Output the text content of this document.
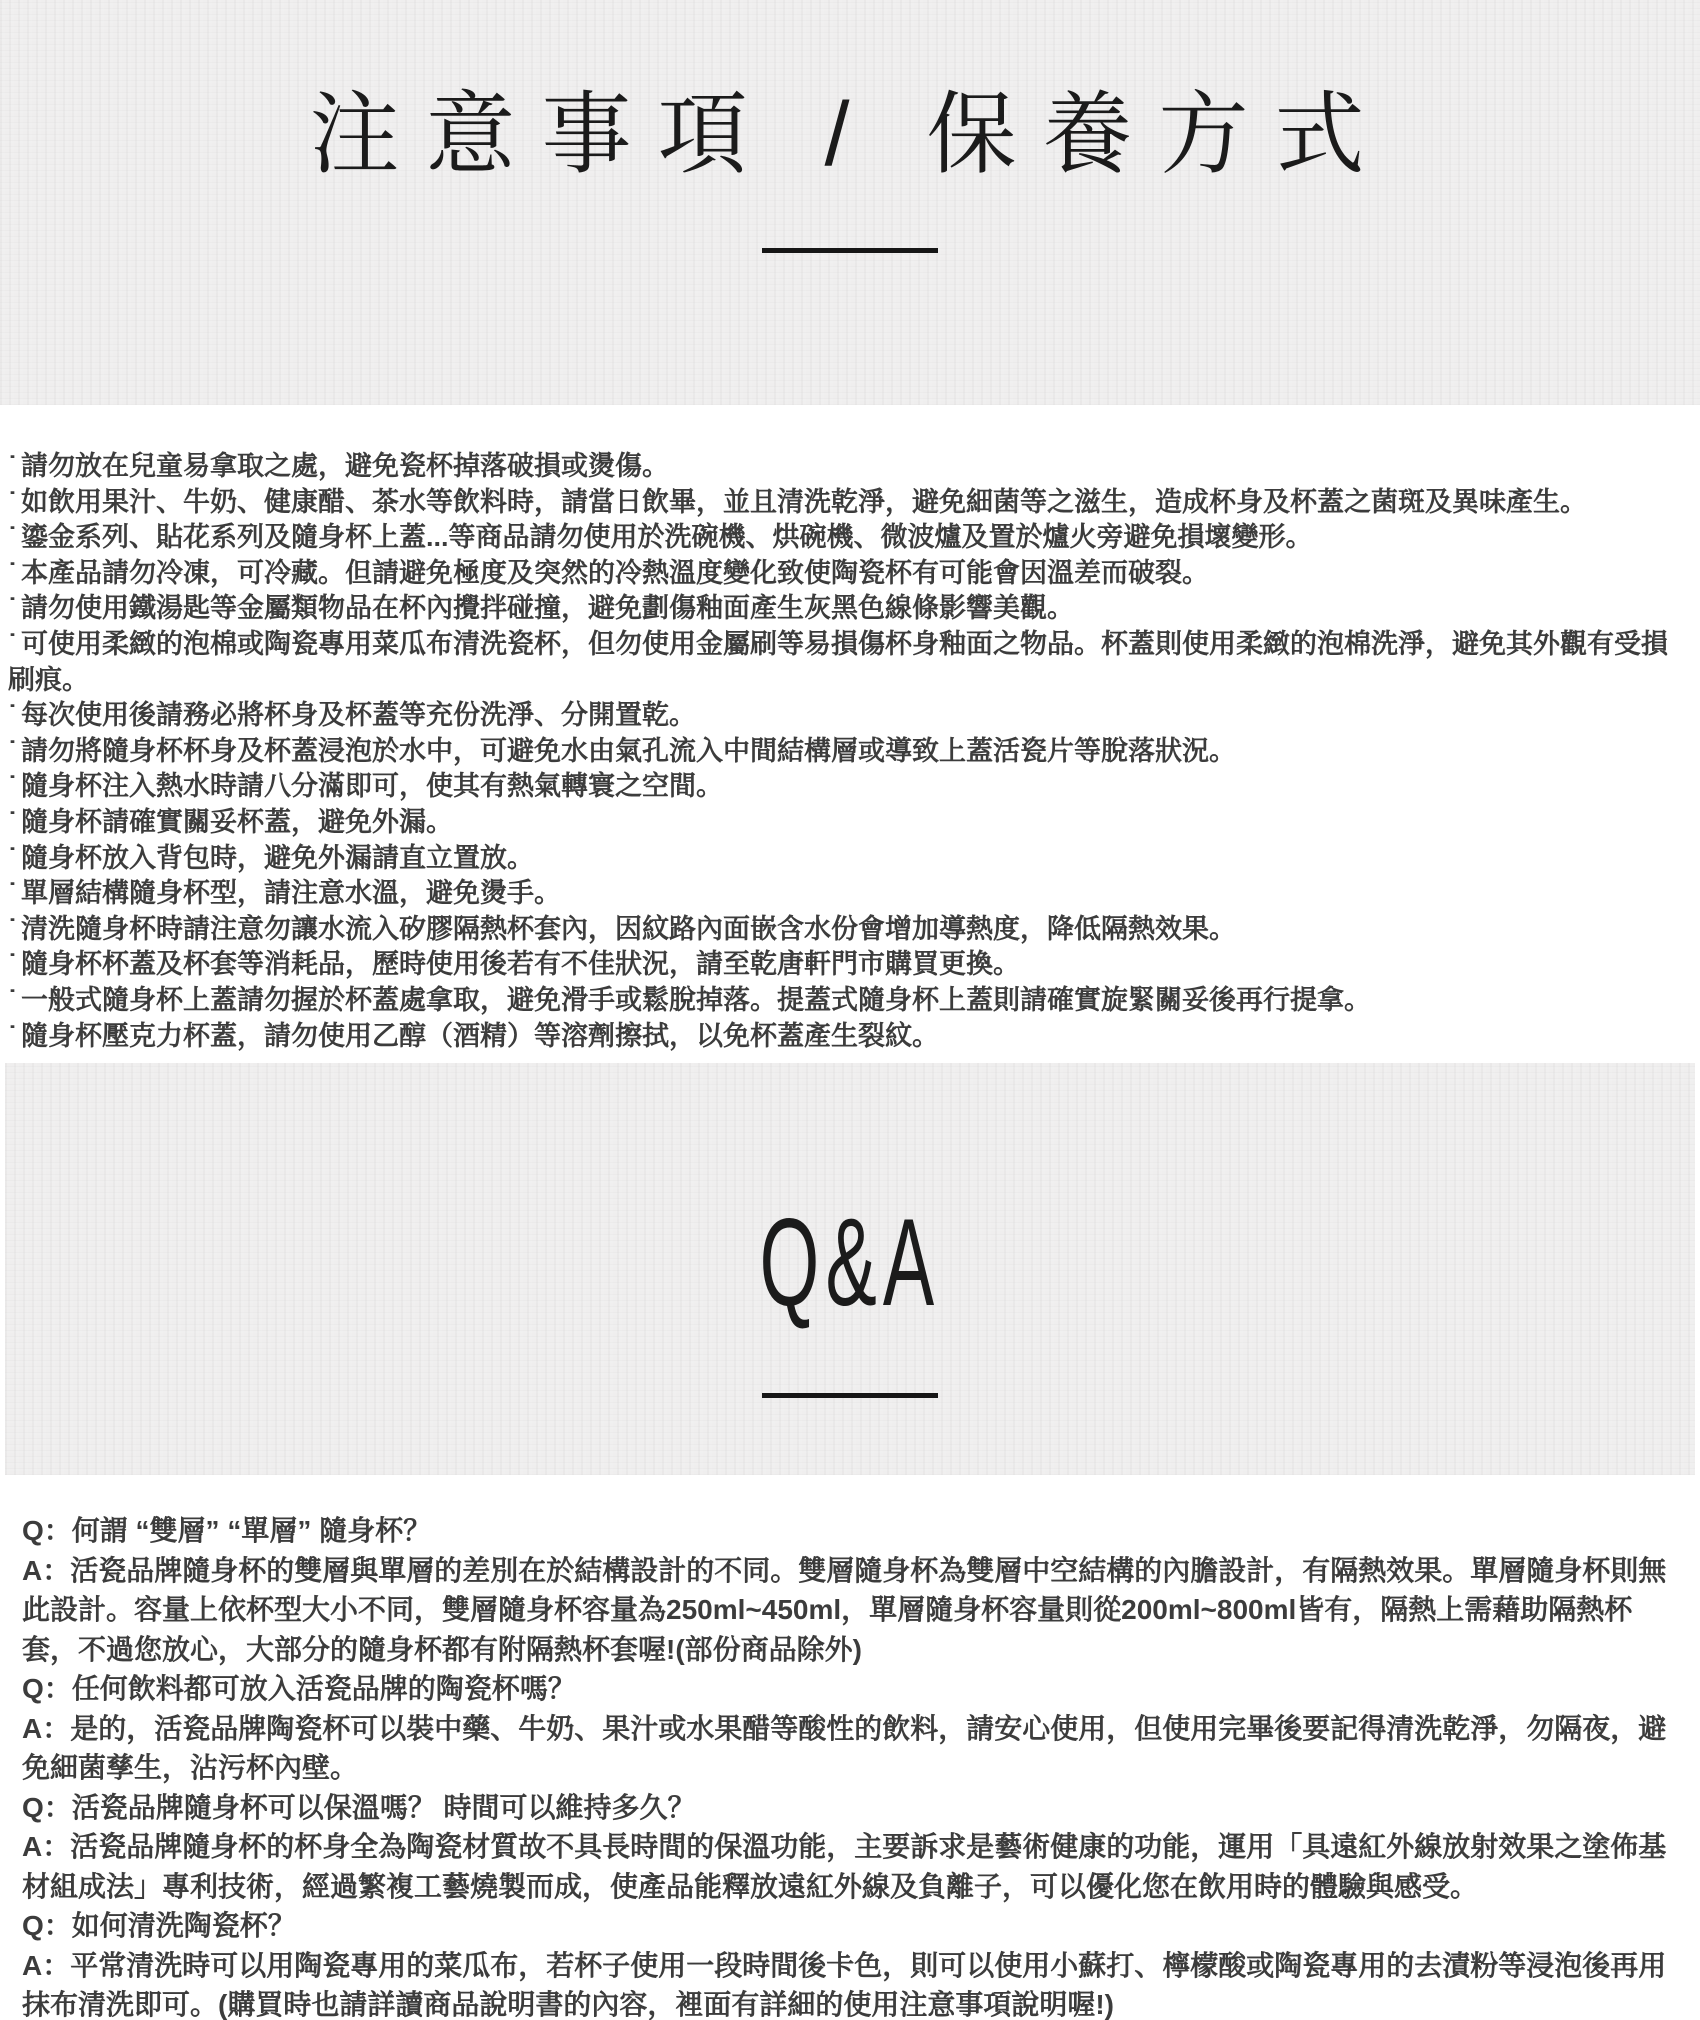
注意事項 / 保養方式

˙ 請勿放在兒童易拿取之處，避免瓷杯掉落破損或燙傷。

˙ 如飲用果汁、牛奶、健康醋、茶水等飲料時，請當日飲畢，並且清洗乾淨，避免細菌等之滋生，造成杯身及杯蓋之菌斑及異味產生。

˙ 鎏金系列、貼花系列及隨身杯上蓋...等商品請勿使用於洗碗機、烘碗機、微波爐及置於爐火旁避免損壞變形。

˙ 本產品請勿冷凍，可冷藏。但請避免極度及突然的冷熱溫度變化致使陶瓷杯有可能會因溫差而破裂。

˙ 請勿使用鐵湯匙等金屬類物品在杯內攪拌碰撞，避免劃傷釉面產生灰黑色線條影響美觀。

˙ 可使用柔緻的泡棉或陶瓷專用菜瓜布清洗瓷杯，但勿使用金屬刷等易損傷杯身釉面之物品。杯蓋則使用柔緻的泡棉洗淨，避免其外觀有受損刷痕。

˙ 每次使用後請務必將杯身及杯蓋等充份洗淨、分開置乾。

˙ 請勿將隨身杯杯身及杯蓋浸泡於水中，可避免水由氣孔流入中間結構層或導致上蓋活瓷片等脫落狀況。

˙ 隨身杯注入熱水時請八分滿即可，使其有熱氣轉寰之空間。

˙ 隨身杯請確實關妥杯蓋，避免外漏。

˙ 隨身杯放入背包時，避免外漏請直立置放。

˙ 單層結構隨身杯型，請注意水溫，避免燙手。

˙ 清洗隨身杯時請注意勿讓水流入矽膠隔熱杯套內，因紋路內面嵌含水份會增加導熱度，降低隔熱效果。

˙ 隨身杯杯蓋及杯套等消耗品，歷時使用後若有不佳狀況，請至乾唐軒門市購買更換。

˙ 一般式隨身杯上蓋請勿握於杯蓋處拿取，避免滑手或鬆脫掉落。提蓋式隨身杯上蓋則請確實旋緊關妥後再行提拿。

˙ 隨身杯壓克力杯蓋，請勿使用乙醇（酒精）等溶劑擦拭，以免杯蓋產生裂紋。

Q&A

Q：何謂 “雙層” “單層” 隨身杯？

A：活瓷品牌隨身杯的雙層與單層的差別在於結構設計的不同。雙層隨身杯為雙層中空結構的內膽設計，有隔熱效果。單層隨身杯則無此設計。容量上依杯型大小不同，雙層隨身杯容量為250ml~450ml，單層隨身杯容量則從200ml~800ml皆有，隔熱上需藉助隔熱杯套，不過您放心，大部分的隨身杯都有附隔熱杯套喔!(部份商品除外)

Q：任何飲料都可放入活瓷品牌的陶瓷杯嗎？

A：是的，活瓷品牌陶瓷杯可以裝中藥、牛奶、果汁或水果醋等酸性的飲料，請安心使用，但使用完畢後要記得清洗乾淨，勿隔夜，避免細菌孳生，沾污杯內壁。

Q：活瓷品牌隨身杯可以保溫嗎？ 時間可以維持多久？

A：活瓷品牌隨身杯的杯身全為陶瓷材質故不具長時間的保溫功能，主要訴求是藝術健康的功能，運用「具遠紅外線放射效果之塗佈基材組成法」專利技術，經過繁複工藝燒製而成，使產品能釋放遠紅外線及負離子，可以優化您在飲用時的體驗與感受。

Q：如何清洗陶瓷杯？

A：平常清洗時可以用陶瓷專用的菜瓜布，若杯子使用一段時間後卡色，則可以使用小蘇打、檸檬酸或陶瓷專用的去漬粉等浸泡後再用抹布清洗即可。(購買時也請詳讀商品說明書的內容，裡面有詳細的使用注意事項說明喔!)
